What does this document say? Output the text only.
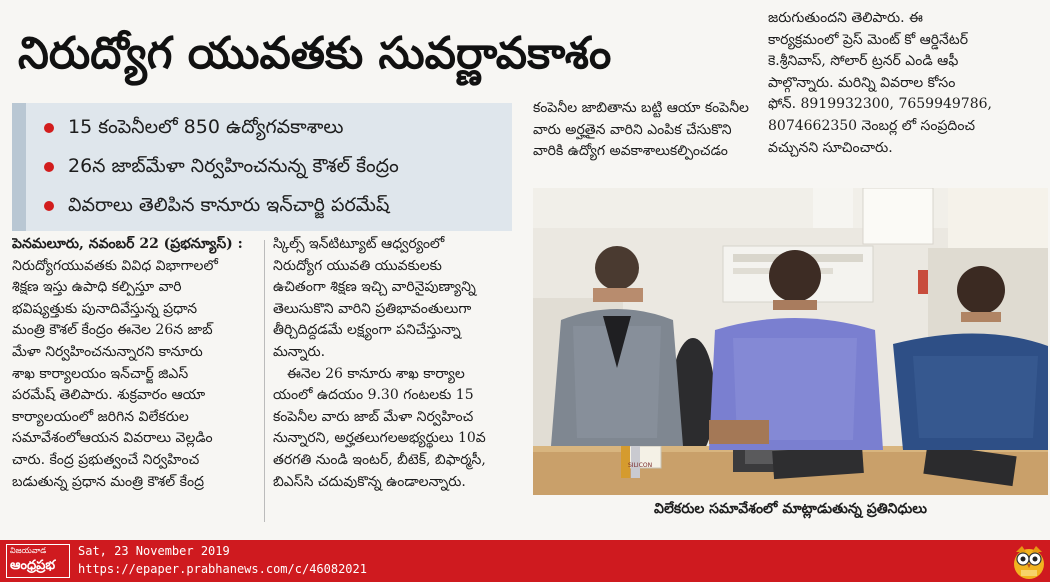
నిరుద్యోగ యువతకు సువర్ణావకాశం
15 కంపెనీలలో 850 ఉద్యోగవకాశాలు
26న జాబ్‌మేళా నిర్వహించనున్న కౌశల్ కేంద్రం
వివరాలు తెలిపిన కానూరు ఇన్‌చార్జి పరమేష్
పెనమలూరు, నవంబర్ 22 (ప్రభన్యూస్) :
నిరుద్యోగయువతకు వివిధ విభాగాలలో
శిక్షణ ఇస్తు ఉపాధి కల్పిస్తూ వారి
భవిష్యత్తుకు పునాదివేస్తున్న ప్రధాన
మంత్రి కౌశల్ కేంద్రం ఈనెల 26న జాబ్
మేళా నిర్వహించనున్నారని కానూరు
శాఖ కార్యాలయం ఇన్‌చార్జ్ జిఎస్
పరమేష్ తెలిపారు. శుక్రవారం ఆయా
కార్యాలయంలో జరిగిన విలేకరుల
సమావేశంలోఆయన వివరాలు వెల్లడిం
చారు. కేంద్ర ప్రభుత్వంచే నిర్వహించ
బడుతున్న ప్రధాన మంత్రి కౌశల్ కేంద్ర
స్కిల్స్ ఇన్‌టిట్యూట్ ఆధ్వర్యంలో
నిరుద్యోగ యువతి యువకులకు
ఉచితంగా శిక్షణ ఇచ్చి వారినైపుణ్యాన్ని
తెలుసుకొని వారిని ప్రతిభావంతులుగా
తీర్చిదిద్దడమే లక్ష్యంగా పనిచేస్తున్నా
మన్నారు.
ఈనెల 26 కానూరు శాఖ కార్యాల
యంలో ఉదయం 9.30 గంటలకు 15
కంపెనీల వారు జాబ్ మేళా నిర్వహించ
నున్నారని, అర్హతలుగలఅభ్యర్థులు 10వ
తరగతి నుండి ఇంటర్, బీటెక్, బిఫార్మసీ,
బిఎస్‌సి చదువుకొన్న ఉండాలన్నారు.
కంపెనీల జాబితాను బట్టి ఆయా కంపెనీల
వారు అర్హతైన వారిని ఎంపిక చేసుకొని
వారికి ఉద్యోగ అవకాశాలుకల్పించడం
జరుగుతుందని తెలిపారు. ఈ
కార్యక్రమంలో ప్రెస్ మెంట్ కో ఆర్డినేటర్
కె.శ్రీనివాస్, సోలార్ ట్రనర్ ఎండి ఆఫీ
పాల్గొన్నారు. మరిన్ని వివరాల కోసం
ఫోన్. 8919932300, 7659949786,
8074662350 నెంబర్ల లో సంప్రదించ
వచ్చునని సూచించారు.
SILICON
విలేకరుల సమావేశంలో మాట్లాడుతున్న ప్రతినిధులు
విజయవాడ
ఆంధ్రప్రభ
Sat, 23 November 2019
https://epaper.prabhanews.com/c/46082021
